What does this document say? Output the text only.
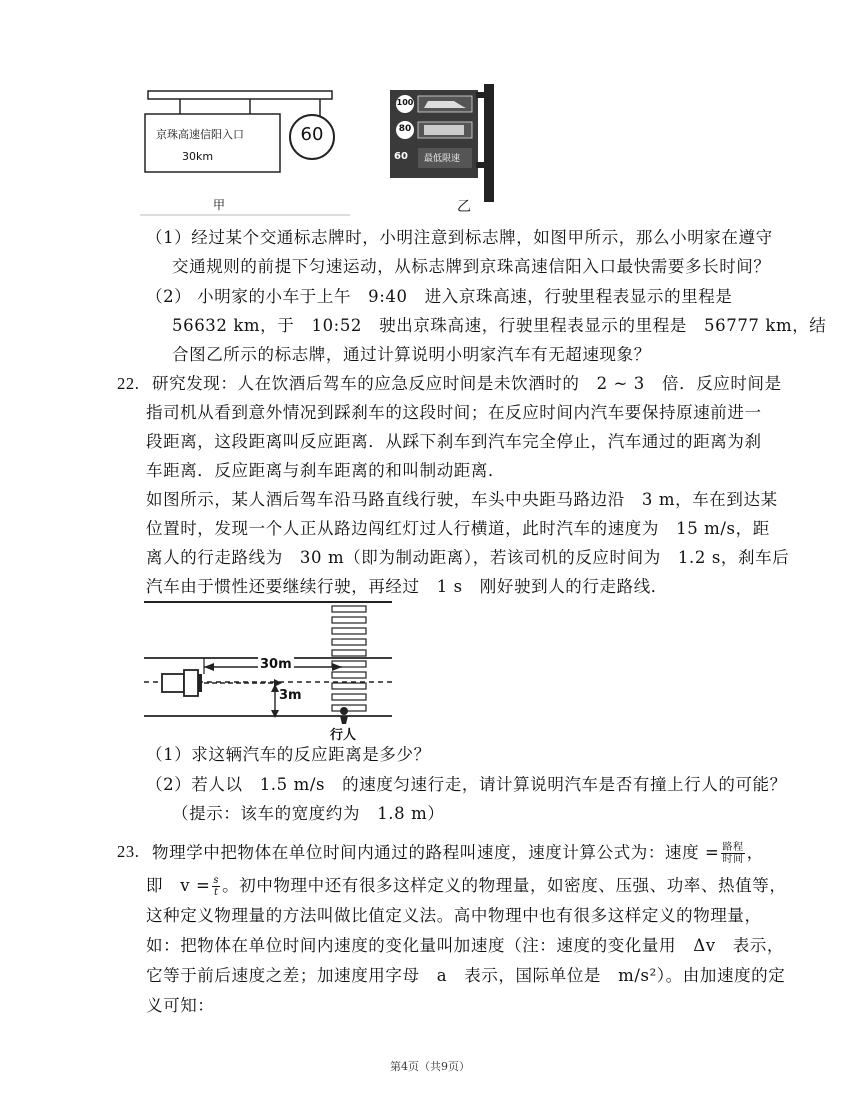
京珠高速信阳入口
30km
60
甲
100
80
60 最低限速
乙
（1）经过某个交通标志牌时，小明注意到标志牌，如图甲所示，那么小明家在遵守
交通规则的前提下匀速运动，从标志牌到京珠高速信阳入口最快需要多长时间？
（2） 小明家的小车于上午　9:40　进入京珠高速，行驶里程表显示的里程是
56632 km，于　10:52　驶出京珠高速，行驶里程表显示的里程是　56777 km，结
合图乙所示的标志牌，通过计算说明小明家汽车有无超速现象？
22. 研究发现：人在饮酒后驾车的应急反应时间是未饮酒时的　2 ~ 3　倍．反应时间是
指司机从看到意外情况到踩刹车的这段时间；在反应时间内汽车要保持原速前进一
段距离，这段距离叫反应距离．从踩下刹车到汽车完全停止，汽车通过的距离为刹
车距离．反应距离与刹车距离的和叫制动距离．
如图所示，某人酒后驾车沿马路直线行驶，车头中央距马路边沿　3 m，车在到达某
位置时，发现一个人正从路边闯红灯过人行横道，此时汽车的速度为　15 m/s，距
离人的行走路线为　30 m（即为制动距离），若该司机的反应时间为　1.2 s，刹车后
汽车由于惯性还要继续行驶，再经过　1 s　刚好驶到人的行走路线．
30m
3m
行人
（1）求这辆汽车的反应距离是多少？
（2）若人以　1.5 m/s　的速度匀速行走，请计算说明汽车是否有撞上行人的可能？
（提示：该车的宽度约为　1.8 m）
23. 物理学中把物体在单位时间内通过的路程叫速度，速度计算公式为：速度 = $\frac{\text{路程}}{\text{时间}}$ ，
即　$v = \frac{s}{t}$ 。初中物理中还有很多这样定义的物理量，如密度、压强、功率、热值等，
这种定义物理量的方法叫做比值定义法。高中物理中也有很多这样定义的物理量，
如：把物体在单位时间内速度的变化量叫加速度（注：速度的变化量用　Δv　表示，
它等于前后速度之差；加速度用字母　a　表示，国际单位是　m/s²）。由加速度的定
义可知：
第4页（共9页）
